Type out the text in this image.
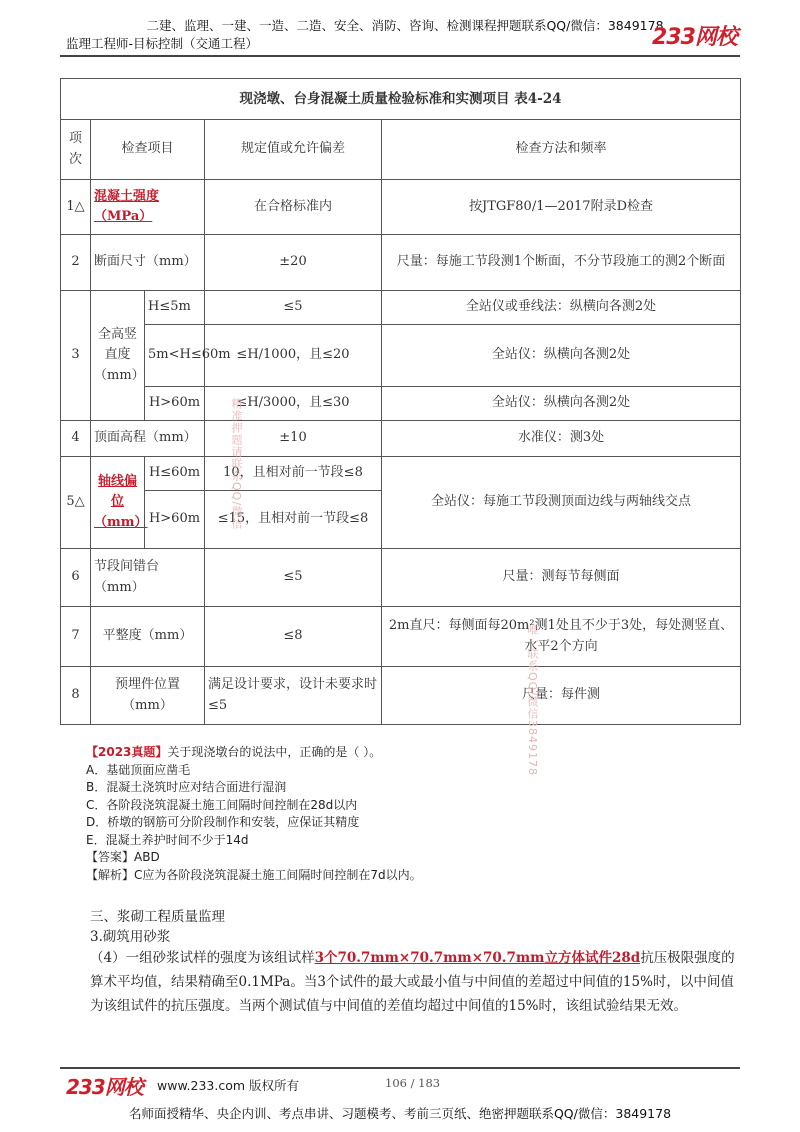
二建、监理、一建、一造、二造、安全、消防、咨询、检测课程押题联系QQ/微信：3849178
监理工程师-目标控制（交通工程）	233网校
现浇墩、台身混凝土质量检验标准和实测项目 表4-24				
项次	检查项目		规定值或允许偏差	检查方法和频率
1△	混凝土强度（MPa）		在合格标准内	按JTGF80/1—2017附录D检查
2	断面尺寸（mm）		±20	尺量：每施工节段测1个断面，不分节段施工的测2个断面
3	全高竖直度（mm）	H≤5m	≤5	全站仪或垂线法：纵横向各测2处
		5m<H≤60m	≤H/1000，且≤20	全站仪：纵横向各测2处
		H>60m	≤H/3000，且≤30	全站仪：纵横向各测2处
4	顶面高程（mm）		±10	水准仪：测3处
5△	轴线偏位（mm）	H≤60m	10，且相对前一节段≤8	全站仪：每施工节段测顶面边线与两轴线交点
		H>60m	≤15，且相对前一节段≤8	
6	节段间错台（mm）		≤5	尺量：测每节每侧面
7	平整度（mm）		≤8	2m直尺：每侧面每20m²测1处且不少于3处，每处测竖直、水平2个方向
8	预埋件位置（mm）		满足设计要求，设计未要求时≤5	尺量：每件测
精准押题请联系QQ/微信
唯一联系QQ/微信3849178
【2023真题】关于现浇墩台的说法中，正确的是（ ）。
A．基础顶面应凿毛
B．混凝土浇筑时应对结合面进行湿润
C．各阶段浇筑混凝土施工间隔时间控制在28d以内
D．桥墩的钢筋可分阶段制作和安装，应保证其精度
E．混凝土养护时间不少于14d
【答案】ABD
【解析】C应为各阶段浇筑混凝土施工间隔时间控制在7d以内。
三、浆砌工程质量监理
3.砌筑用砂浆
（4）一组砂浆试样的强度为该组试样3个70.7mm×70.7mm×70.7mm立方体试件28d抗压极限强度的算术平均值，结果精确至0.1MPa。当3个试件的最大或最小值与中间值的差超过中间值的15%时，以中间值为该组试件的抗压强度。当两个测试值与中间值的差值均超过中间值的15%时，该组试验结果无效。
233网校 www.233.com 版权所有	106 / 183
名师面授精华、央企内训、考点串讲、习题模考、考前三页纸、绝密押题联系QQ/微信：3849178
